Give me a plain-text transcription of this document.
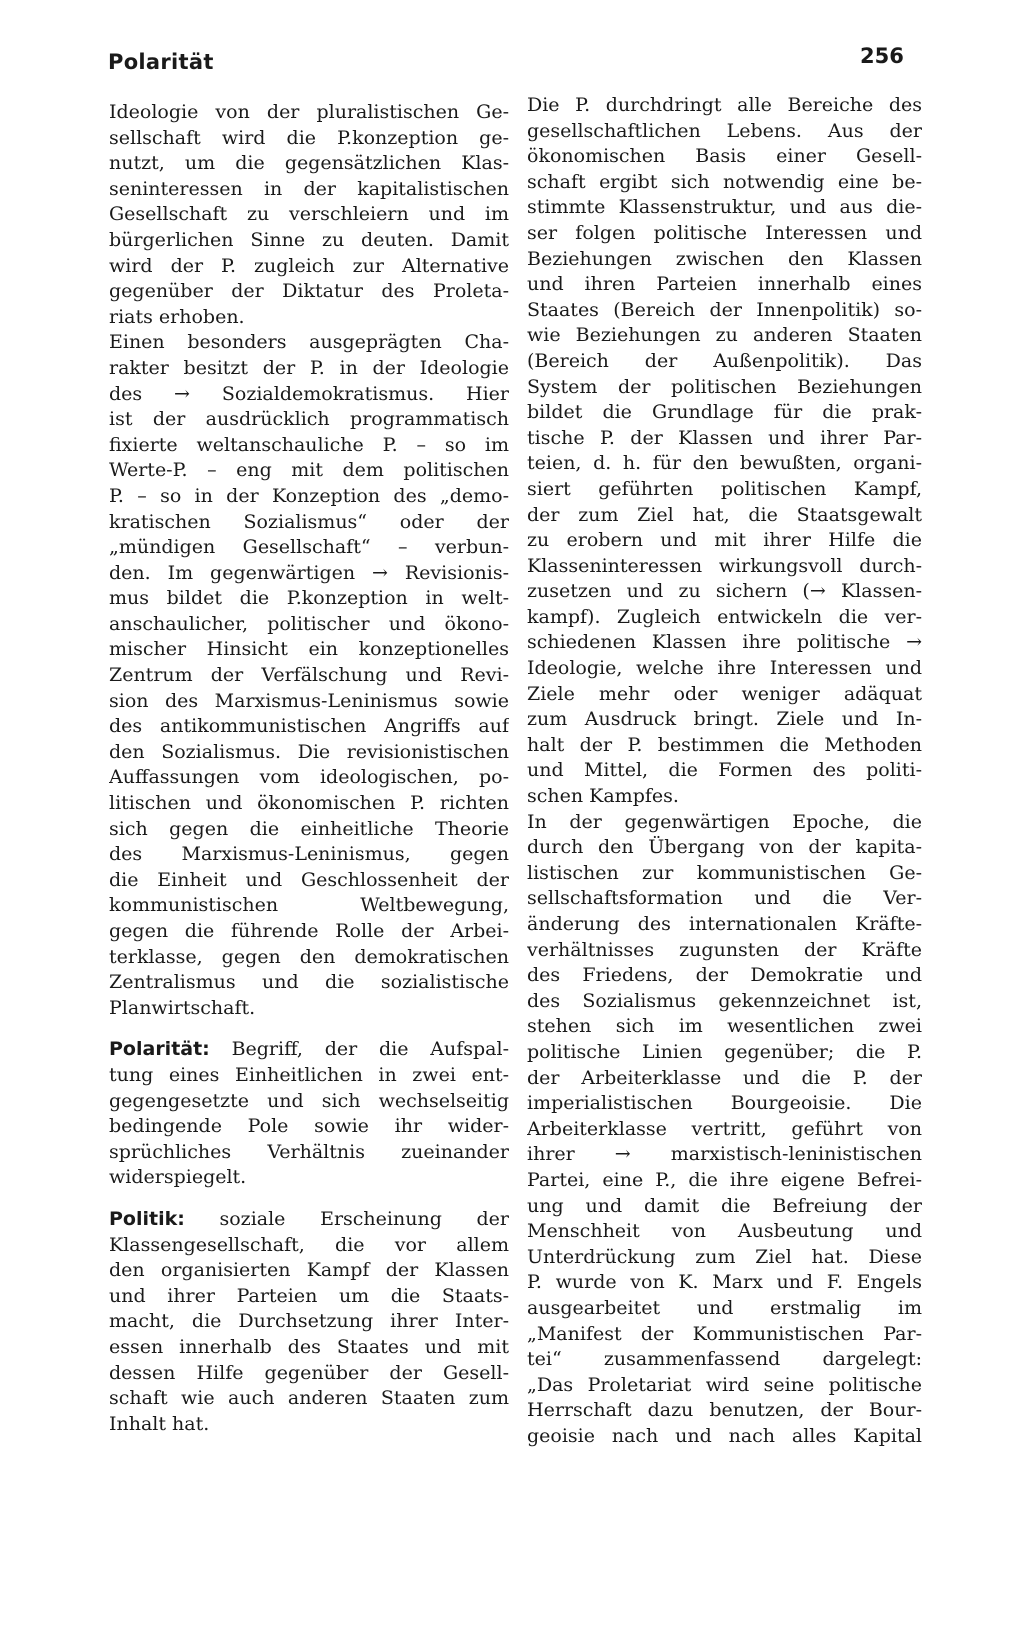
Polarität	256
Ideologie von der pluralistischen Ge-
sellschaft wird die P.konzeption ge-
nutzt, um die gegensätzlichen Klas-
seninteressen in der kapitalistischen
Gesellschaft zu verschleiern und im
bürgerlichen Sinne zu deuten. Damit
wird der P. zugleich zur Alternative
gegenüber der Diktatur des Proleta-
riats erhoben.
Einen besonders ausgeprägten Cha-
rakter besitzt der P. in der Ideologie
des → Sozialdemokratismus. Hier
ist der ausdrücklich programmatisch
fixierte weltanschauliche P. – so im
Werte-P. – eng mit dem politischen
P. – so in der Konzeption des „demo-
kratischen Sozialismus“ oder der
„mündigen Gesellschaft“ – verbun-
den. Im gegenwärtigen → Revisionis-
mus bildet die P.konzeption in welt-
anschaulicher, politischer und ökono-
mischer Hinsicht ein konzeptionelles
Zentrum der Verfälschung und Revi-
sion des Marxismus-Leninismus sowie
des antikommunistischen Angriffs auf
den Sozialismus. Die revisionistischen
Auffassungen vom ideologischen, po-
litischen und ökonomischen P. richten
sich gegen die einheitliche Theorie
des Marxismus-Leninismus, gegen
die Einheit und Geschlossenheit der
kommunistischen Weltbewegung,
gegen die führende Rolle der Arbei-
terklasse, gegen den demokratischen
Zentralismus und die sozialistische
Planwirtschaft.
Polarität: Begriff, der die Aufspal-
tung eines Einheitlichen in zwei ent-
gegengesetzte und sich wechselseitig
bedingende Pole sowie ihr wider-
sprüchliches Verhältnis zueinander
widerspiegelt.
Politik: soziale Erscheinung der
Klassengesellschaft, die vor allem
den organisierten Kampf der Klassen
und ihrer Parteien um die Staats-
macht, die Durchsetzung ihrer Inter-
essen innerhalb des Staates und mit
dessen Hilfe gegenüber der Gesell-
schaft wie auch anderen Staaten zum
Inhalt hat.
Die P. durchdringt alle Bereiche des
gesellschaftlichen Lebens. Aus der
ökonomischen Basis einer Gesell-
schaft ergibt sich notwendig eine be-
stimmte Klassenstruktur, und aus die-
ser folgen politische Interessen und
Beziehungen zwischen den Klassen
und ihren Parteien innerhalb eines
Staates (Bereich der Innenpolitik) so-
wie Beziehungen zu anderen Staaten
(Bereich der Außenpolitik). Das
System der politischen Beziehungen
bildet die Grundlage für die prak-
tische P. der Klassen und ihrer Par-
teien, d. h. für den bewußten, organi-
siert geführten politischen Kampf,
der zum Ziel hat, die Staatsgewalt
zu erobern und mit ihrer Hilfe die
Klasseninteressen wirkungsvoll durch-
zusetzen und zu sichern (→ Klassen-
kampf). Zugleich entwickeln die ver-
schiedenen Klassen ihre politische →
Ideologie, welche ihre Interessen und
Ziele mehr oder weniger adäquat
zum Ausdruck bringt. Ziele und In-
halt der P. bestimmen die Methoden
und Mittel, die Formen des politi-
schen Kampfes.
In der gegenwärtigen Epoche, die
durch den Übergang von der kapita-
listischen zur kommunistischen Ge-
sellschaftsformation und die Ver-
änderung des internationalen Kräfte-
verhältnisses zugunsten der Kräfte
des Friedens, der Demokratie und
des Sozialismus gekennzeichnet ist,
stehen sich im wesentlichen zwei
politische Linien gegenüber; die P.
der Arbeiterklasse und die P. der
imperialistischen Bourgeoisie. Die
Arbeiterklasse vertritt, geführt von
ihrer → marxistisch-leninistischen
Partei, eine P., die ihre eigene Befrei-
ung und damit die Befreiung der
Menschheit von Ausbeutung und
Unterdrückung zum Ziel hat. Diese
P. wurde von K. Marx und F. Engels
ausgearbeitet und erstmalig im
„Manifest der Kommunistischen Par-
tei“ zusammenfassend dargelegt:
„Das Proletariat wird seine politische
Herrschaft dazu benutzen, der Bour-
geoisie nach und nach alles Kapital
